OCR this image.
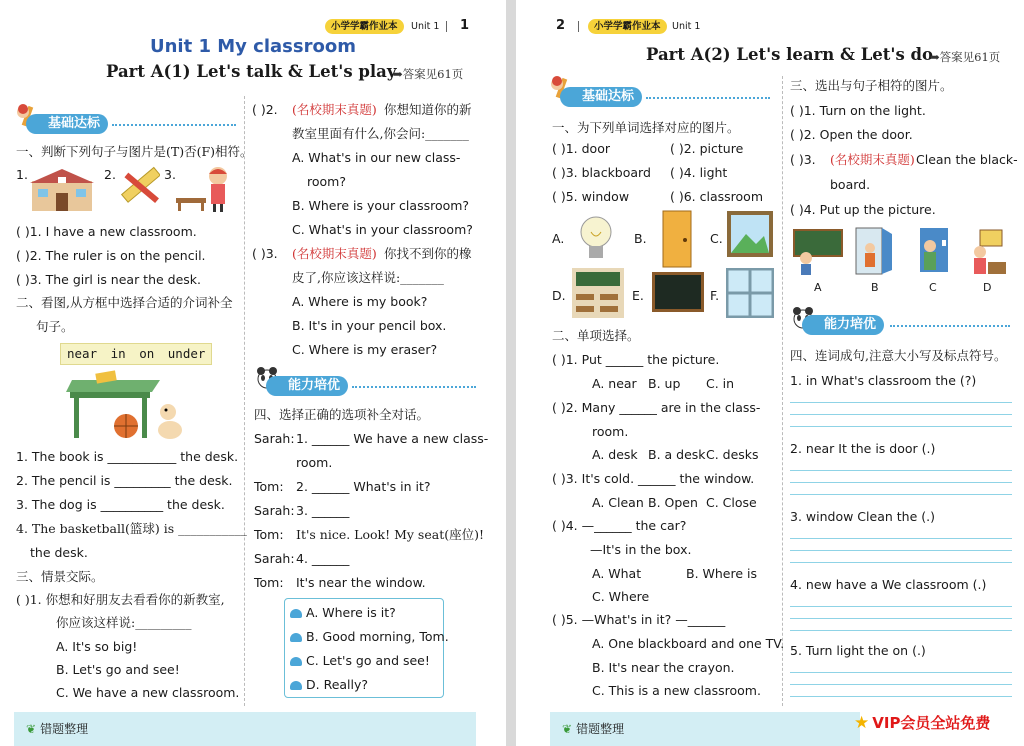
小学学霸作业本	Unit 1 1
Unit 1 My classroom
Part A(1) Let's talk & Let's play
➡答案见61页
基础达标
一、判断下列句子与图片是(T)否(F)相符。
1.	2.	3.
( )1. I have a new classroom.
( )2. The ruler is on the pencil.
( )3. The girl is near the desk.
二、看图,从方框中选择合适的介词补全
句子。
near in on under
1. The book is ___________ the desk.
2. The pencil is _________ the desk.
3. The dog is __________ the desk.
4. The basketball(篮球) is ___________
the desk.
三、情景交际。
( )1. 你想和好朋友去看看你的新教室,
你应该这样说:_________
A. It's so big!
B. Let's go and see!
C. We have a new classroom.
( )2. (名校期末真题) 你想知道你的新
教室里面有什么,你会问:_______
A. What's in our new class-
room?
B. Where is your classroom?
C. What's in your classroom?
( )3. (名校期末真题) 你找不到你的橡
皮了,你应该这样说:_______
A. Where is my book?
B. It's in your pencil box.
C. Where is my eraser?
能力培优
四、选择正确的选项补全对话。
Sarah: 1. ______ We have a new class-
room.
Tom: 2. ______ What's in it?
Sarah: 3. ______
Tom: It's nice. Look! My seat(座位)!
Sarah: 4. ______
Tom: It's near the window.
A. Where is it?
B. Good morning, Tom.
C. Let's go and see!
D. Really?
❦ 错题整理
2	小学学霸作业本	Unit 1
Part A(2) Let's learn & Let's do
➡答案见61页
基础达标
一、为下列单词选择对应的图片。
( )1. door	( )2. picture
( )3. blackboard ( )4. light
( )5. window	( )6. classroom
A.	B.	C.
D.	E.	F.
二、单项选择。
( )1. Put ______ the picture.
A. near B. up C. in
( )2. Many ______ are in the class-
room.
A. desk B. a desk C. desks
( )3. It's cold. ______ the window.
A. Clean B. Open C. Close
( )4. —______ the car?
—It's in the box.
A. What	B. Where is
C. Where
( )5. —What's in it? —______
A. One blackboard and one TV.
B. It's near the crayon.
C. This is a new classroom.
三、选出与句子相符的图片。
( )1. Turn on the light.
( )2. Open the door.
( )3. (名校期末真题) Clean the black-
board.
( )4. Put up the picture.
A	B	C	D
能力培优
四、连词成句,注意大小写及标点符号。
1. in What's classroom the (?)
2. near It the is door (.)
3. window Clean the (.)
4. new have a We classroom (.)
5. Turn light the on (.)
❦ 错题整理	★ VIP会员全站免费
